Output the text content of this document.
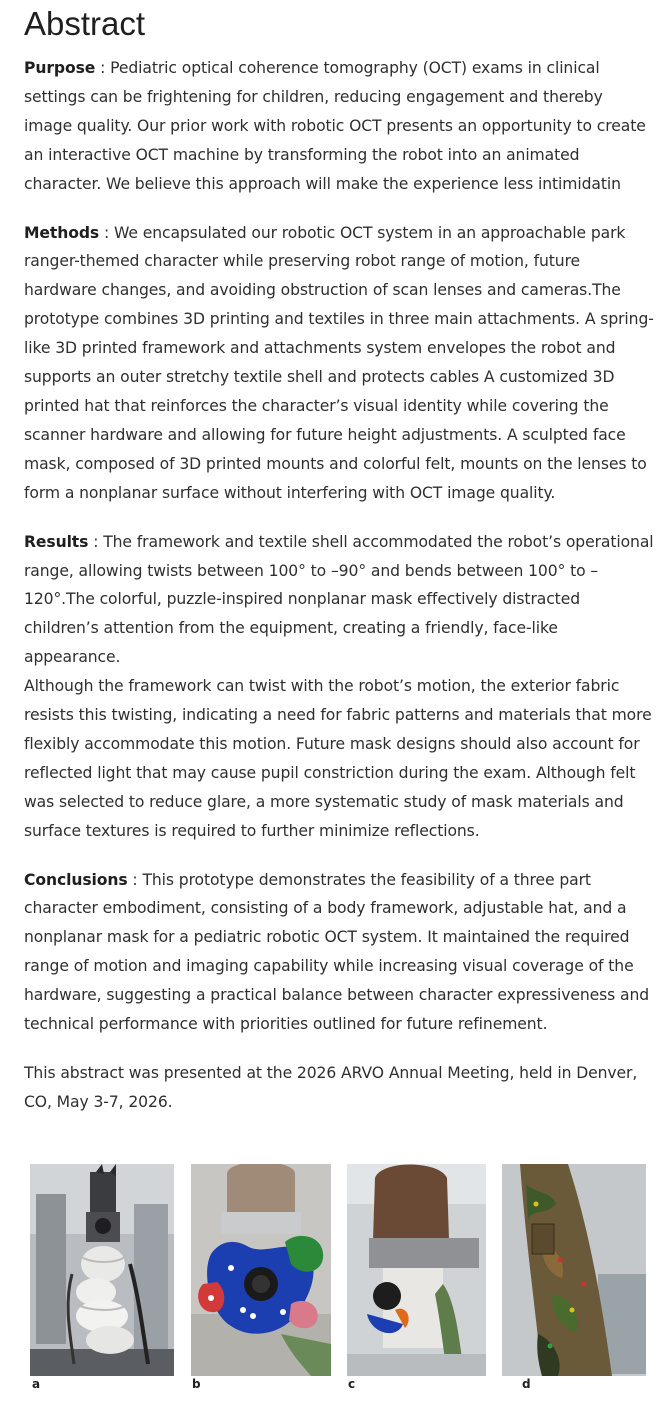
Abstract

Purpose : Pediatric optical coherence tomography (OCT) exams in clinical settings can be frightening for children, reducing engagement and thereby image quality. Our prior work with robotic OCT presents an opportunity to create an interactive OCT machine by transforming the robot into an animated character. We believe this approach will make the experience less intimidatin

Methods : We encapsulated our robotic OCT system in an approachable park ranger-themed character while preserving robot range of motion, future hardware changes, and avoiding obstruction of scan lenses and cameras.The prototype combines 3D printing and textiles in three main attachments. A spring-like 3D printed framework and attachments system envelopes the robot and supports an outer stretchy textile shell and protects cables A customized 3D printed hat that reinforces the character’s visual identity while covering the scanner hardware and allowing for future height adjustments. A sculpted face mask, composed of 3D printed mounts and colorful felt, mounts on the lenses to form a nonplanar surface without interfering with OCT image quality.

Results : The framework and textile shell accommodated the robot’s operational range, allowing twists between 100° to –90° and bends between 100° to –120°.The colorful, puzzle-inspired nonplanar mask effectively distracted children’s attention from the equipment, creating a friendly, face-like appearance.

Although the framework can twist with the robot’s motion, the exterior fabric resists this twisting, indicating a need for fabric patterns and materials that more flexibly accommodate this motion. Future mask designs should also account for reflected light that may cause pupil constriction during the exam. Although felt was selected to reduce glare, a more systematic study of mask materials and surface textures is required to further minimize reflections.

Conclusions : This prototype demonstrates the feasibility of a three part character embodiment, consisting of a body framework, adjustable hat, and a nonplanar mask for a pediatric robotic OCT system. It maintained the required range of motion and imaging capability while increasing visual coverage of the hardware, suggesting a practical balance between character expressiveness and technical performance with priorities outlined for future refinement.

This abstract was presented at the 2026 ARVO Annual Meeting, held in Denver, CO, May 3-7, 2026.

a	b	c	d
